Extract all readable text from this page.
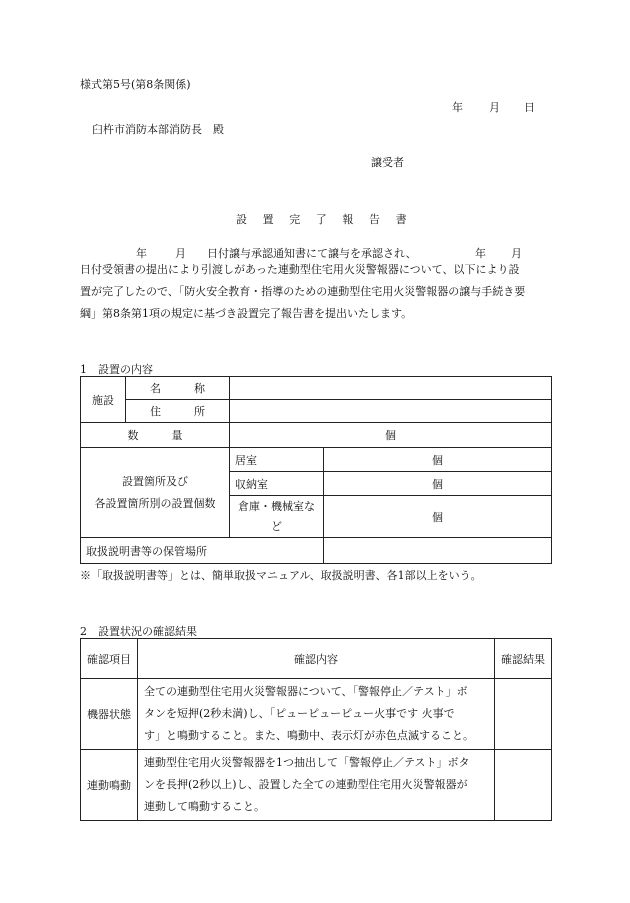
様式第5号(第8条関係)
年 月 日
臼杵市消防本部消防長　殿
譲受者
設 置 完 了 報 告 書
年	月 日付譲与承認通知書にて譲与を承認され、	年 月
日付受領書の提出により引渡しがあった連動型住宅用火災警報器について、以下により設
置が完了したので、「防火安全教育・指導のための連動型住宅用火災警報器の譲与手続き要
綱」第8条第1項の規定に基づき設置完了報告書を提出いたします。
1　設置の内容
施設	名　　　称		
	住　　　所		
数　　　量		個	

設置箇所及び
各設置箇所別の設置個数		居室	個
		収納室	個
		倉庫・機械室など	個
取扱説明書等の保管場所			
※「取扱説明書等」とは、簡単取扱マニュアル、取扱説明書、各1部以上をいう。
2　設置状況の確認結果
確認項目	確認内容	確認結果
機器状態	全ての連動型住宅用火災警報器について、「警報停止／テスト」ボ
タンを短押(2秒未満)し、「ピューピューピュー火事です 火事で
す」と鳴動すること。また、鳴動中、表示灯が赤色点滅すること。	

連動鳴動	連動型住宅用火災警報器を1つ抽出して「警報停止／テスト」ボタ
ンを長押(2秒以上)し、設置した全ての連動型住宅用火災警報器が
連動して鳴動すること。	
